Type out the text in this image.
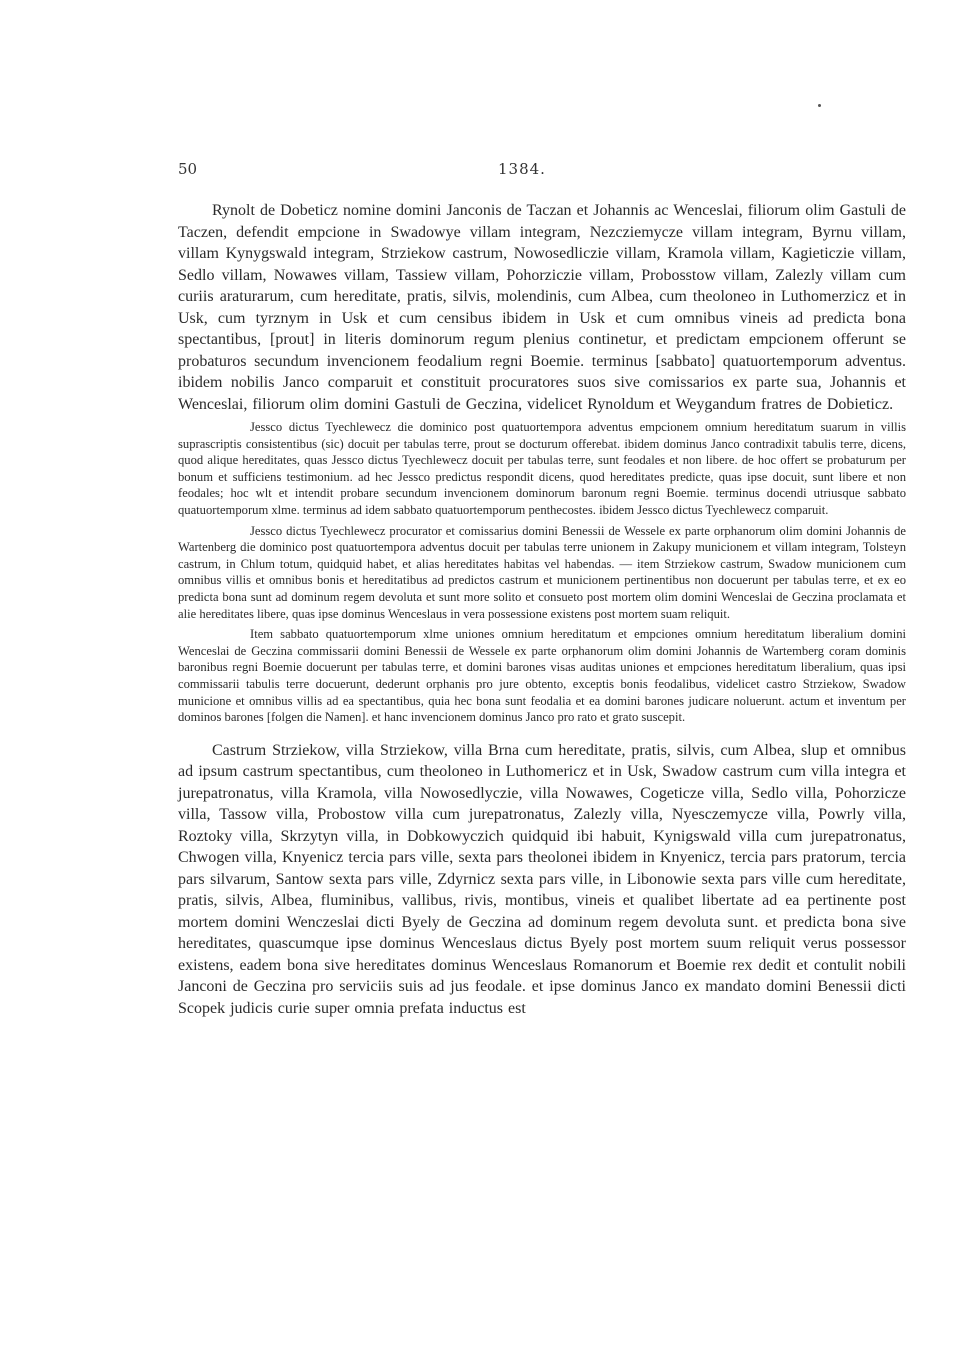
50	1384.

Rynolt de Dobeticz nomine domini Janconis de Taczan et Johannis ac Wenceslai, filiorum olim Gastuli de Taczen, defendit empcione in Swadowye villam integram, Nezcziemycze villam integram, Byrnu villam, villam Kynygswald integram, Strziekow castrum, Nowosedliczie villam, Kramola villam, Kagieticzie villam, Sedlo villam, Nowawes villam, Tassiew villam, Pohorziczie villam, Probosstow villam, Zalezly villam cum curiis araturarum, cum hereditate, pratis, silvis, molendinis, cum Albea, cum theoloneo in Luthomerzicz et in Usk, cum tyrznym in Usk et cum censibus ibidem in Usk et cum omnibus vineis ad predicta bona spectantibus, [prout] in literis dominorum regum plenius continetur, et predictam empcionem offerunt se probaturos secundum invencionem feodalium regni Boemie. terminus [sabbato] quatuortemporum adventus. ibidem nobilis Janco comparuit et constituit procuratores suos sive comissarios ex parte sua, Johannis et Wenceslai, filiorum olim domini Gastuli de Geczina, videlicet Rynoldum et Weygandum fratres de Dobieticz.

Jessco dictus Tyechlewecz die dominico post quatuortempora adventus empcionem omnium hereditatum suarum in villis suprascriptis consistentibus (sic) docuit per tabulas terre, prout se docturum offerebat. ibidem dominus Janco contradixit tabulis terre, dicens, quod alique hereditates, quas Jessco dictus Tyechlewecz docuit per tabulas terre, sunt feodales et non libere. de hoc offert se probaturum per bonum et sufficiens testimonium. ad hec Jessco predictus respondit dicens, quod hereditates predicte, quas ipse docuit, sunt libere et non feodales; hoc wlt et intendit probare secundum invencionem dominorum baronum regni Boemie. terminus docendi utriusque sabbato quatuortemporum xlme. terminus ad idem sabbato quatuortemporum penthecostes. ibidem Jessco dictus Tyechlewecz comparuit.

Jessco dictus Tyechlewecz procurator et comissarius domini Benessii de Wessele ex parte orphanorum olim domini Johannis de Wartenberg die dominico post quatuortempora adventus docuit per tabulas terre unionem in Zakupy municionem et villam integram, Tolsteyn castrum, in Chlum totum, quidquid habet, et alias hereditates habitas vel habendas. — item Strziekow castrum, Swadow municionem cum omnibus villis et omnibus bonis et hereditatibus ad predictos castrum et municionem pertinentibus non docuerunt per tabulas terre, et ex eo predicta bona sunt ad dominum regem devoluta et sunt more solito et consueto post mortem olim domini Wenceslai de Geczina proclamata et alie hereditates libere, quas ipse dominus Wenceslaus in vera possessione existens post mortem suam reliquit.

Item sabbato quatuortemporum xlme uniones omnium hereditatum et empciones omnium hereditatum liberalium domini Wenceslai de Geczina commissarii domini Benessii de Wessele ex parte orphanorum olim domini Johannis de Wartemberg coram dominis baronibus regni Boemie docuerunt per tabulas terre, et domini barones visas auditas uniones et empciones hereditatum liberalium, quas ipsi commissarii tabulis terre docuerunt, dederunt orphanis pro jure obtento, exceptis bonis feodalibus, videlicet castro Strziekow, Swadow municione et omnibus villis ad ea spectantibus, quia hec bona sunt feodalia et ea domini barones judicare noluerunt. actum et inventum per dominos barones [folgen die Namen]. et hanc invencionem dominus Janco pro rato et grato suscepit.

Castrum Strziekow, villa Strziekow, villa Brna cum hereditate, pratis, silvis, cum Albea, slup et omnibus ad ipsum castrum spectantibus, cum theoloneo in Luthomericz et in Usk, Swadow castrum cum villa integra et jurepatronatus, villa Kramola, villa Nowosedlyczie, villa Nowawes, Cogeticze villa, Sedlo villa, Pohorzicze villa, Tassow villa, Probostow villa cum jurepatronatus, Zalezly villa, Nyesczemycze villa, Powrly villa, Roztoky villa, Skrzytyn villa, in Dobkowyczich quidquid ibi habuit, Kynigswald villa cum jurepatronatus, Chwogen villa, Knyenicz tercia pars ville, sexta pars theolonei ibidem in Knyenicz, tercia pars pratorum, tercia pars silvarum, Santow sexta pars ville, Zdyrnicz sexta pars ville, in Libonowie sexta pars ville cum hereditate, pratis, silvis, Albea, fluminibus, vallibus, rivis, montibus, vineis et qualibet libertate ad ea pertinente post mortem domini Wenczeslai dicti Byely de Geczina ad dominum regem devoluta sunt. et predicta bona sive hereditates, quascumque ipse dominus Wenceslaus dictus Byely post mortem suum reliquit verus possessor existens, eadem bona sive hereditates dominus Wenceslaus Romanorum et Boemie rex dedit et contulit nobili Janconi de Geczina pro serviciis suis ad jus feodale. et ipse dominus Janco ex mandato domini Benessii dicti Scopek judicis curie super omnia prefata inductus est
